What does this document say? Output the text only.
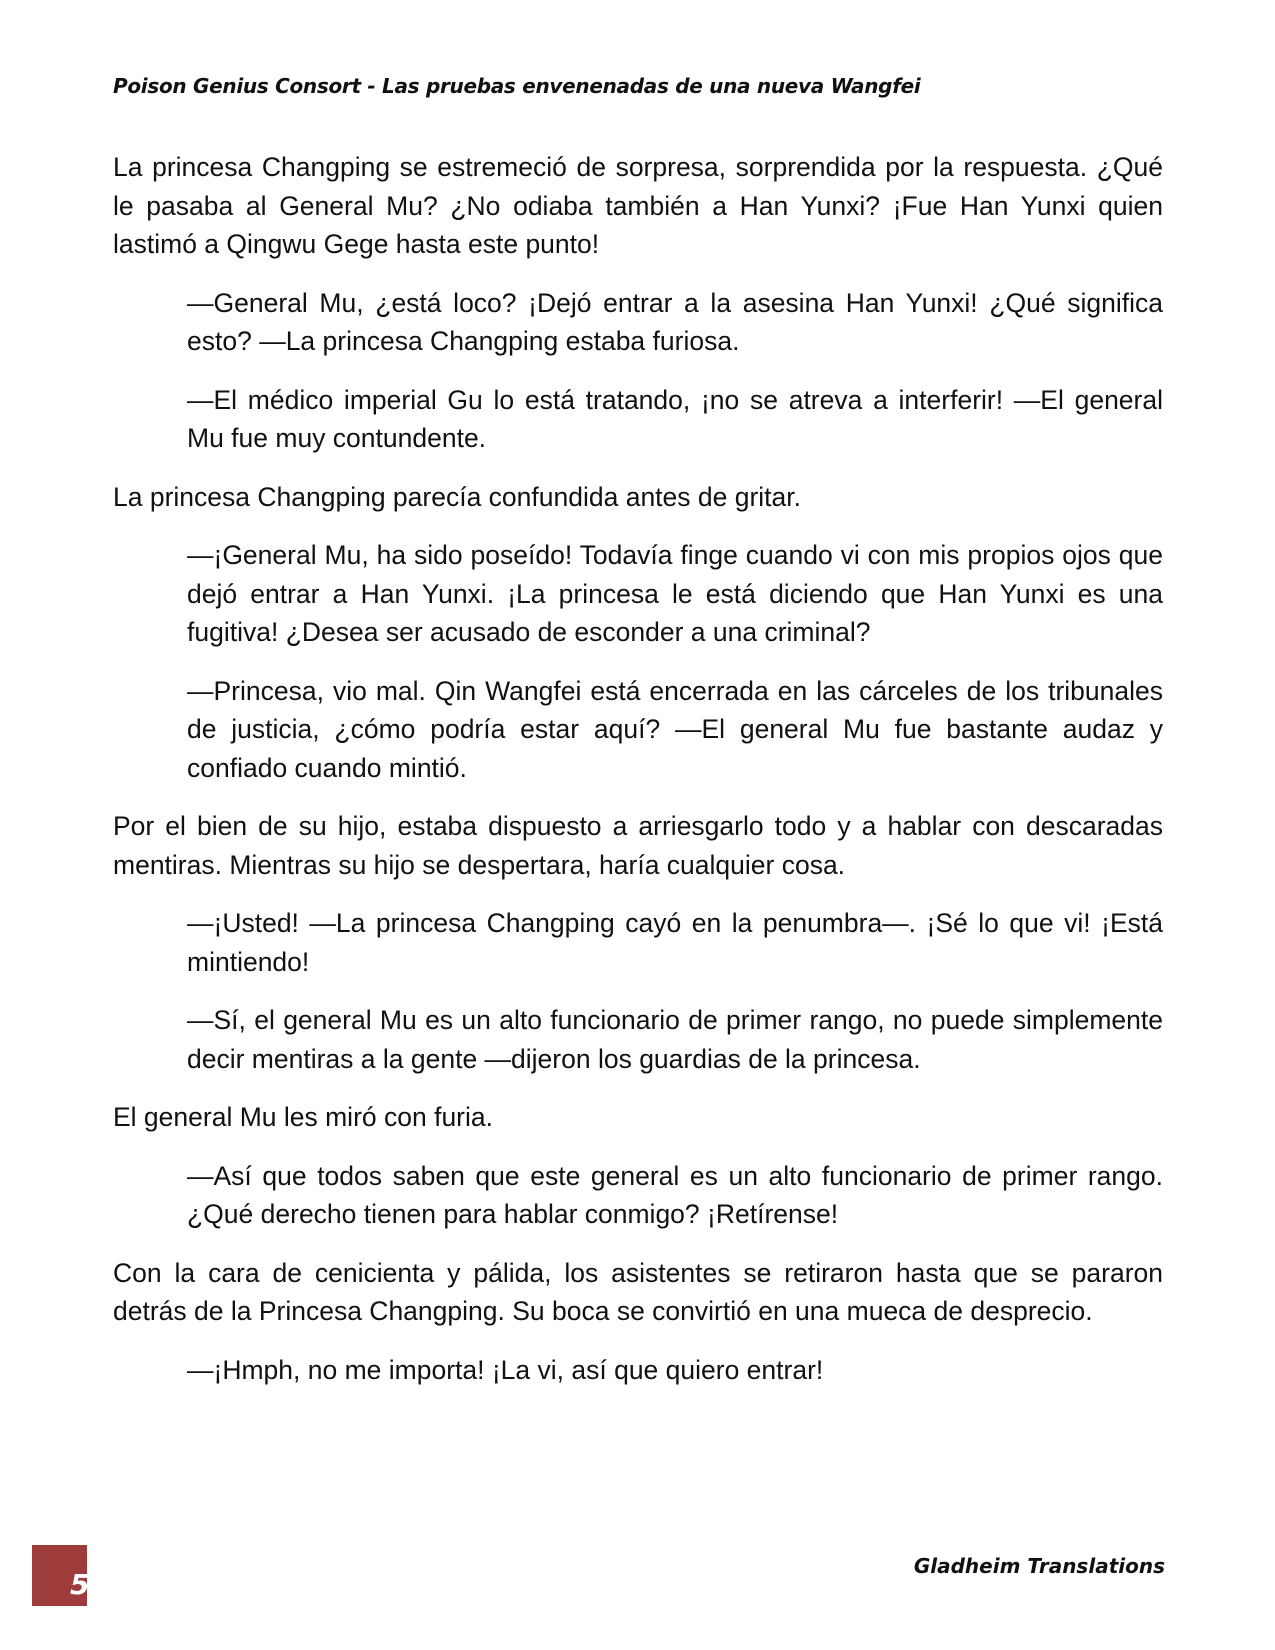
Poison Genius Consort - Las pruebas envenenadas de una nueva Wangfei

La princesa Changping se estremeció de sorpresa, sorprendida por la respuesta. ¿Qué le pasaba al General Mu? ¿No odiaba también a Han Yunxi? ¡Fue Han Yunxi quien lastimó a Qingwu Gege hasta este punto!

—General Mu, ¿está loco? ¡Dejó entrar a la asesina Han Yunxi! ¿Qué significa esto? —La princesa Changping estaba furiosa.

—El médico imperial Gu lo está tratando, ¡no se atreva a interferir! —El general Mu fue muy contundente.

La princesa Changping parecía confundida antes de gritar.

—¡General Mu, ha sido poseído! Todavía finge cuando vi con mis propios ojos que dejó entrar a Han Yunxi. ¡La princesa le está diciendo que Han Yunxi es una fugitiva! ¿Desea ser acusado de esconder a una criminal?

—Princesa, vio mal. Qin Wangfei está encerrada en las cárceles de los tribunales de justicia, ¿cómo podría estar aquí? —El general Mu fue bastante audaz y confiado cuando mintió.

Por el bien de su hijo, estaba dispuesto a arriesgarlo todo y a hablar con descaradas mentiras. Mientras su hijo se despertara, haría cualquier cosa.

—¡Usted! —La princesa Changping cayó en la penumbra—. ¡Sé lo que vi! ¡Está mintiendo!

—Sí, el general Mu es un alto funcionario de primer rango, no puede simplemente decir mentiras a la gente —dijeron los guardias de la princesa.

El general Mu les miró con furia.

—Así que todos saben que este general es un alto funcionario de primer rango. ¿Qué derecho tienen para hablar conmigo? ¡Retírense!

Con la cara de cenicienta y pálida, los asistentes se retiraron hasta que se pararon detrás de la Princesa Changping. Su boca se convirtió en una mueca de desprecio.

—¡Hmph, no me importa! ¡La vi, así que quiero entrar!

5
Gladheim Translations
